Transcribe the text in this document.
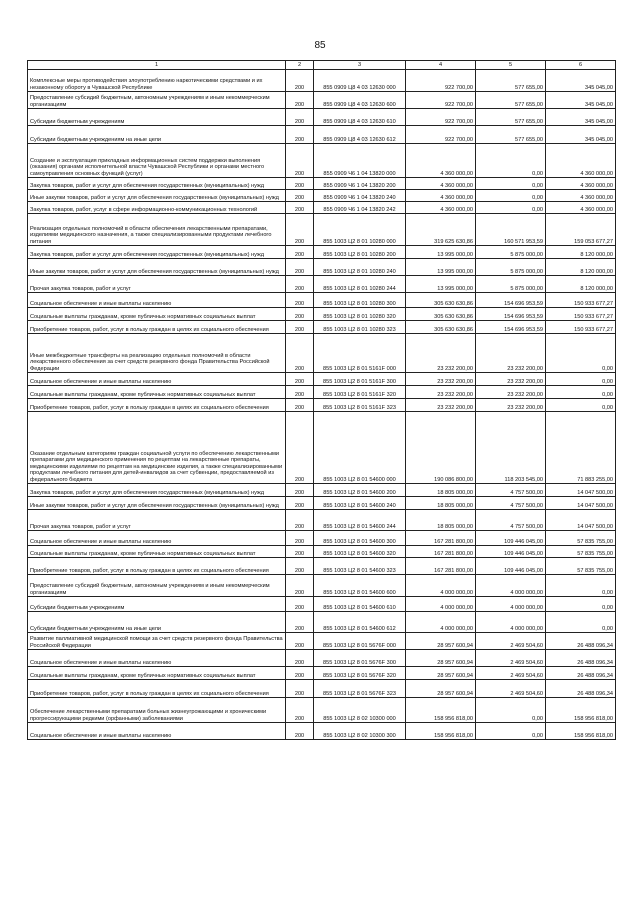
85
1	2	3	4	5	6
Комплексные меры противодействия злоупотреблению наркотическими средствами и их незаконному обороту в Чувашской Республике	200	855 0909 Ц8 4 03 12630 000	922 700,00	577 655,00	345 045,00
Предоставление субсидий бюджетным, автономным учреждениям и иным некоммерческим организациям	200	855 0909 Ц8 4 03 12630 600	922 700,00	577 655,00	345 045,00
Субсидии бюджетным учреждениям	200	855 0909 Ц8 4 03 12630 610	922 700,00	577 655,00	345 045,00
Субсидии бюджетным учреждениям на иные цели	200	855 0909 Ц8 4 03 12630 612	922 700,00	577 655,00	345 045,00
Создание и эксплуатация прикладных информационных систем поддержки выполнения (оказания) органами исполнительной власти Чувашской Республики и органами местного самоуправления основных функций (услуг)	200	855 0909 Ч6 1 04 13820 000	4 360 000,00	0,00	4 360 000,00
Закупка товаров, работ и услуг для обеспечения государственных (муниципальных) нужд	200	855 0909 Ч6 1 04 13820 200	4 360 000,00	0,00	4 360 000,00
Иные закупки товаров, работ и услуг для обеспечения государственных (муниципальных) нужд	200	855 0909 Ч6 1 04 13820 240	4 360 000,00	0,00	4 360 000,00
Закупка товаров, работ, услуг в сфере информационно-коммуникационных технологий	200	855 0909 Ч6 1 04 13820 242	4 360 000,00	0,00	4 360 000,00
Реализация отдельных полномочий в области обеспечения лекарственными препаратами, изделиями медицинского назначения, а также специализированными продуктами лечебного питания	200	855 1003 Ц2 8 01 10280 000	319 625 630,86	160 571 953,59	159 053 677,27
Закупка товаров, работ и услуг для обеспечения государственных (муниципальных) нужд	200	855 1003 Ц2 8 01 10280 200	13 995 000,00	5 875 000,00	8 120 000,00
Иные закупки товаров, работ и услуг для обеспечения государственных (муниципальных) нужд	200	855 1003 Ц2 8 01 10280 240	13 995 000,00	5 875 000,00	8 120 000,00
Прочая закупка товаров, работ и услуг	200	855 1003 Ц2 8 01 10280 244	13 995 000,00	5 875 000,00	8 120 000,00
Социальное обеспечение и иные выплаты населению	200	855 1003 Ц2 8 01 10280 300	305 630 630,86	154 696 953,59	150 933 677,27
Социальные выплаты гражданам, кроме публичных нормативных социальных выплат	200	855 1003 Ц2 8 01 10280 320	305 630 630,86	154 696 953,59	150 933 677,27
Приобретение товаров, работ, услуг в пользу граждан в целях их социального обеспечения	200	855 1003 Ц2 8 01 10280 323	305 630 630,86	154 696 953,59	150 933 677,27
Иные межбюджетные трансферты на реализацию отдельных полномочий в области лекарственного обеспечения за счет средств резервного фонда Правительства Российской Федерации	200	855 1003 Ц2 8 01 5161F 000	23 232 200,00	23 232 200,00	0,00
Социальное обеспечение и иные выплаты населению	200	855 1003 Ц2 8 01 5161F 300	23 232 200,00	23 232 200,00	0,00
Социальные выплаты гражданам, кроме публичных нормативных социальных выплат	200	855 1003 Ц2 8 01 5161F 320	23 232 200,00	23 232 200,00	0,00
Приобретение товаров, работ, услуг в пользу граждан в целях их социального обеспечения	200	855 1003 Ц2 8 01 5161F 323	23 232 200,00	23 232 200,00	0,00
Оказание отдельным категориям граждан социальной услуги по обеспечению лекарственными препаратами для медицинского применения по рецептам на лекарственные препараты, медицинскими изделиями по рецептам на медицинские изделия, а также специализированными продуктами лечебного питания для детей-инвалидов за счет субвенции, предоставляемой из федерального бюджета	200	855 1003 Ц2 8 01 54600 000	190 086 800,00	118 203 545,00	71 883 255,00
Закупка товаров, работ и услуг для обеспечения государственных (муниципальных) нужд	200	855 1003 Ц2 8 01 54600 200	18 805 000,00	4 757 500,00	14 047 500,00
Иные закупки товаров, работ и услуг для обеспечения государственных (муниципальных) нужд	200	855 1003 Ц2 8 01 54600 240	18 805 000,00	4 757 500,00	14 047 500,00
Прочая закупка товаров, работ и услуг	200	855 1003 Ц2 8 01 54600 244	18 805 000,00	4 757 500,00	14 047 500,00
Социальное обеспечение и иные выплаты населению	200	855 1003 Ц2 8 01 54600 300	167 281 800,00	109 446 045,00	57 835 755,00
Социальные выплаты гражданам, кроме публичных нормативных социальных выплат	200	855 1003 Ц2 8 01 54600 320	167 281 800,00	109 446 045,00	57 835 755,00
Приобретение товаров, работ, услуг в пользу граждан в целях их социального обеспечения	200	855 1003 Ц2 8 01 54600 323	167 281 800,00	109 446 045,00	57 835 755,00
Предоставление субсидий бюджетным, автономным учреждениям и иным некоммерческим организациям	200	855 1003 Ц2 8 01 54600 600	4 000 000,00	4 000 000,00	0,00
Субсидии бюджетным учреждениям	200	855 1003 Ц2 8 01 54600 610	4 000 000,00	4 000 000,00	0,00
Субсидии бюджетным учреждениям на иные цели	200	855 1003 Ц2 8 01 54600 612	4 000 000,00	4 000 000,00	0,00
Развитие паллиативной медицинской помощи за счет средств резервного фонда Правительства Российской Федерации	200	855 1003 Ц2 8 01 5676F 000	28 957 600,94	2 469 504,60	26 488 096,34
Социальное обеспечение и иные выплаты населению	200	855 1003 Ц2 8 01 5676F 300	28 957 600,94	2 469 504,60	26 488 096,34
Социальные выплаты гражданам, кроме публичных нормативных социальных выплат	200	855 1003 Ц2 8 01 5676F 320	28 957 600,94	2 469 504,60	26 488 096,34
Приобретение товаров, работ, услуг в пользу граждан в целях их социального обеспечения	200	855 1003 Ц2 8 01 5676F 323	28 957 600,94	2 469 504,60	26 488 096,34
Обеспечение лекарственными препаратами больных жизнеугрожающими и хроническими прогрессирующими редкими (орфанными) заболеваниями	200	855 1003 Ц2 8 02 10300 000	158 956 818,00	0,00	158 956 818,00
Социальное обеспечение и иные выплаты населению	200	855 1003 Ц2 8 02 10300 300	158 956 818,00	0,00	158 956 818,00
